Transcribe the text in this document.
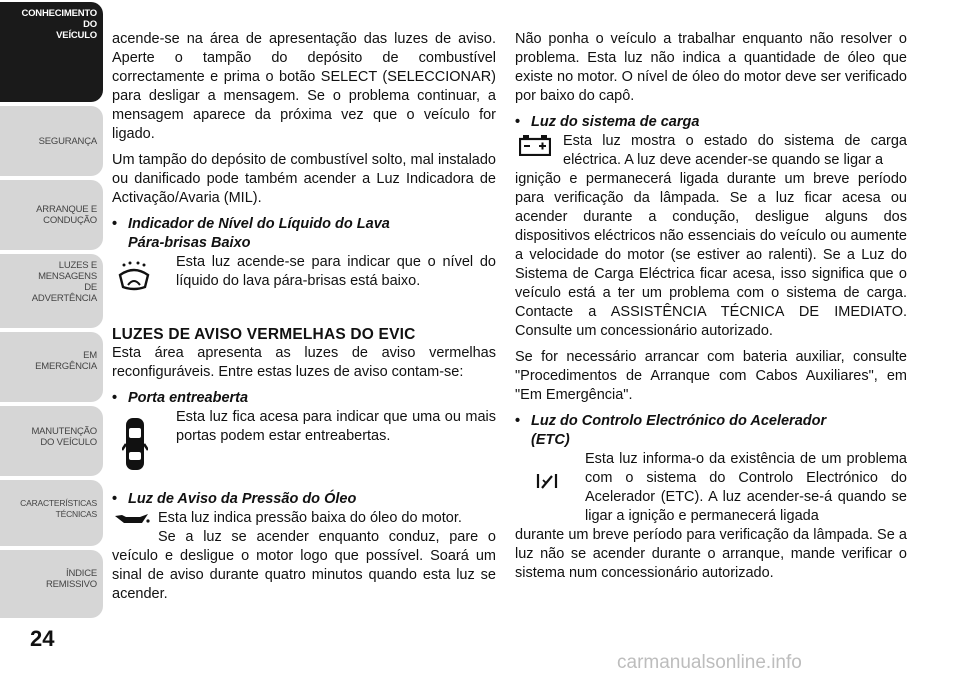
CONHECIMENTO
DO
VEÍCULO
SEGURANÇA
ARRANQUE E
CONDUÇÃO
LUZES E
MENSAGENS
DE
ADVERTÊNCIA
EM
EMERGÊNCIA
MANUTENÇÃO
DO VEÍCULO
CARACTERÍSTICAS
TÉCNICAS
ÍNDICE
REMISSIVO
24

acende-se na área de apresentação das luzes de aviso. Aperte o tampão do depósito de combustível correctamente e prima o botão SELECT (SELECCIONAR) para desligar a mensagem. Se o problema continuar, a mensagem aparece da próxima vez que o veículo for ligado.

Um tampão do depósito de combustível solto, mal instalado ou danificado pode também acender a Luz Indicadora de Activação/Avaria (MIL).

• Indicador de Nível do Líquido do Lava
Pára-brisas Baixo
Esta luz acende-se para indicar que o nível do líquido do lava pára-brisas está baixo.
LUZES DE AVISO VERMELHAS DO EVIC

Esta área apresenta as luzes de aviso vermelhas reconfiguráveis. Entre estas luzes de aviso contam-se:

• Porta entreaberta
Esta luz fica acesa para indicar que uma ou mais portas podem estar entreabertas.
• Luz de Aviso da Pressão do Óleo
Esta luz indica pressão baixa do óleo do motor.

Se a luz se acender enquanto conduz, pare o veículo e desligue o motor logo que possível. Soará um sinal de aviso durante quatro minutos quando esta luz se acender.

Não ponha o veículo a trabalhar enquanto não resolver o problema. Esta luz não indica a quantidade de óleo que existe no motor. O nível de óleo do motor deve ser verificado por baixo do capô.

• Luz do sistema de carga
Esta luz mostra o estado do sistema de carga eléctrica. A luz deve acender-se quando se ligar a

ignição e permanecerá ligada durante um breve período para verificação da lâmpada. Se a luz ficar acesa ou acender durante a condução, desligue alguns dos dispositivos eléctricos não essenciais do veículo ou aumente a velocidade do motor (se estiver ao ralenti). Se a Luz do Sistema de Carga Eléctrica ficar acesa, isso significa que o veículo está a ter um problema com o sistema de carga. Contacte a ASSISTÊNCIA TÉCNICA DE IMEDIATO. Consulte um concessionário autorizado.

Se for necessário arrancar com bateria auxiliar, consulte "Procedimentos de Arranque com Cabos Auxiliares", em "Em Emergência".

• Luz do Controlo Electrónico do Acelerador
(ETC)
Esta luz informa-o da existência de um problema com o sistema do Controlo Electrónico do Acelerador (ETC). A luz acender-se-á quando se ligar a ignição e permanecerá ligada

durante um breve período para verificação da lâmpada. Se a luz não se acender durante o arranque, mande verificar o sistema num concessionário autorizado.

carmanualsonline.info
